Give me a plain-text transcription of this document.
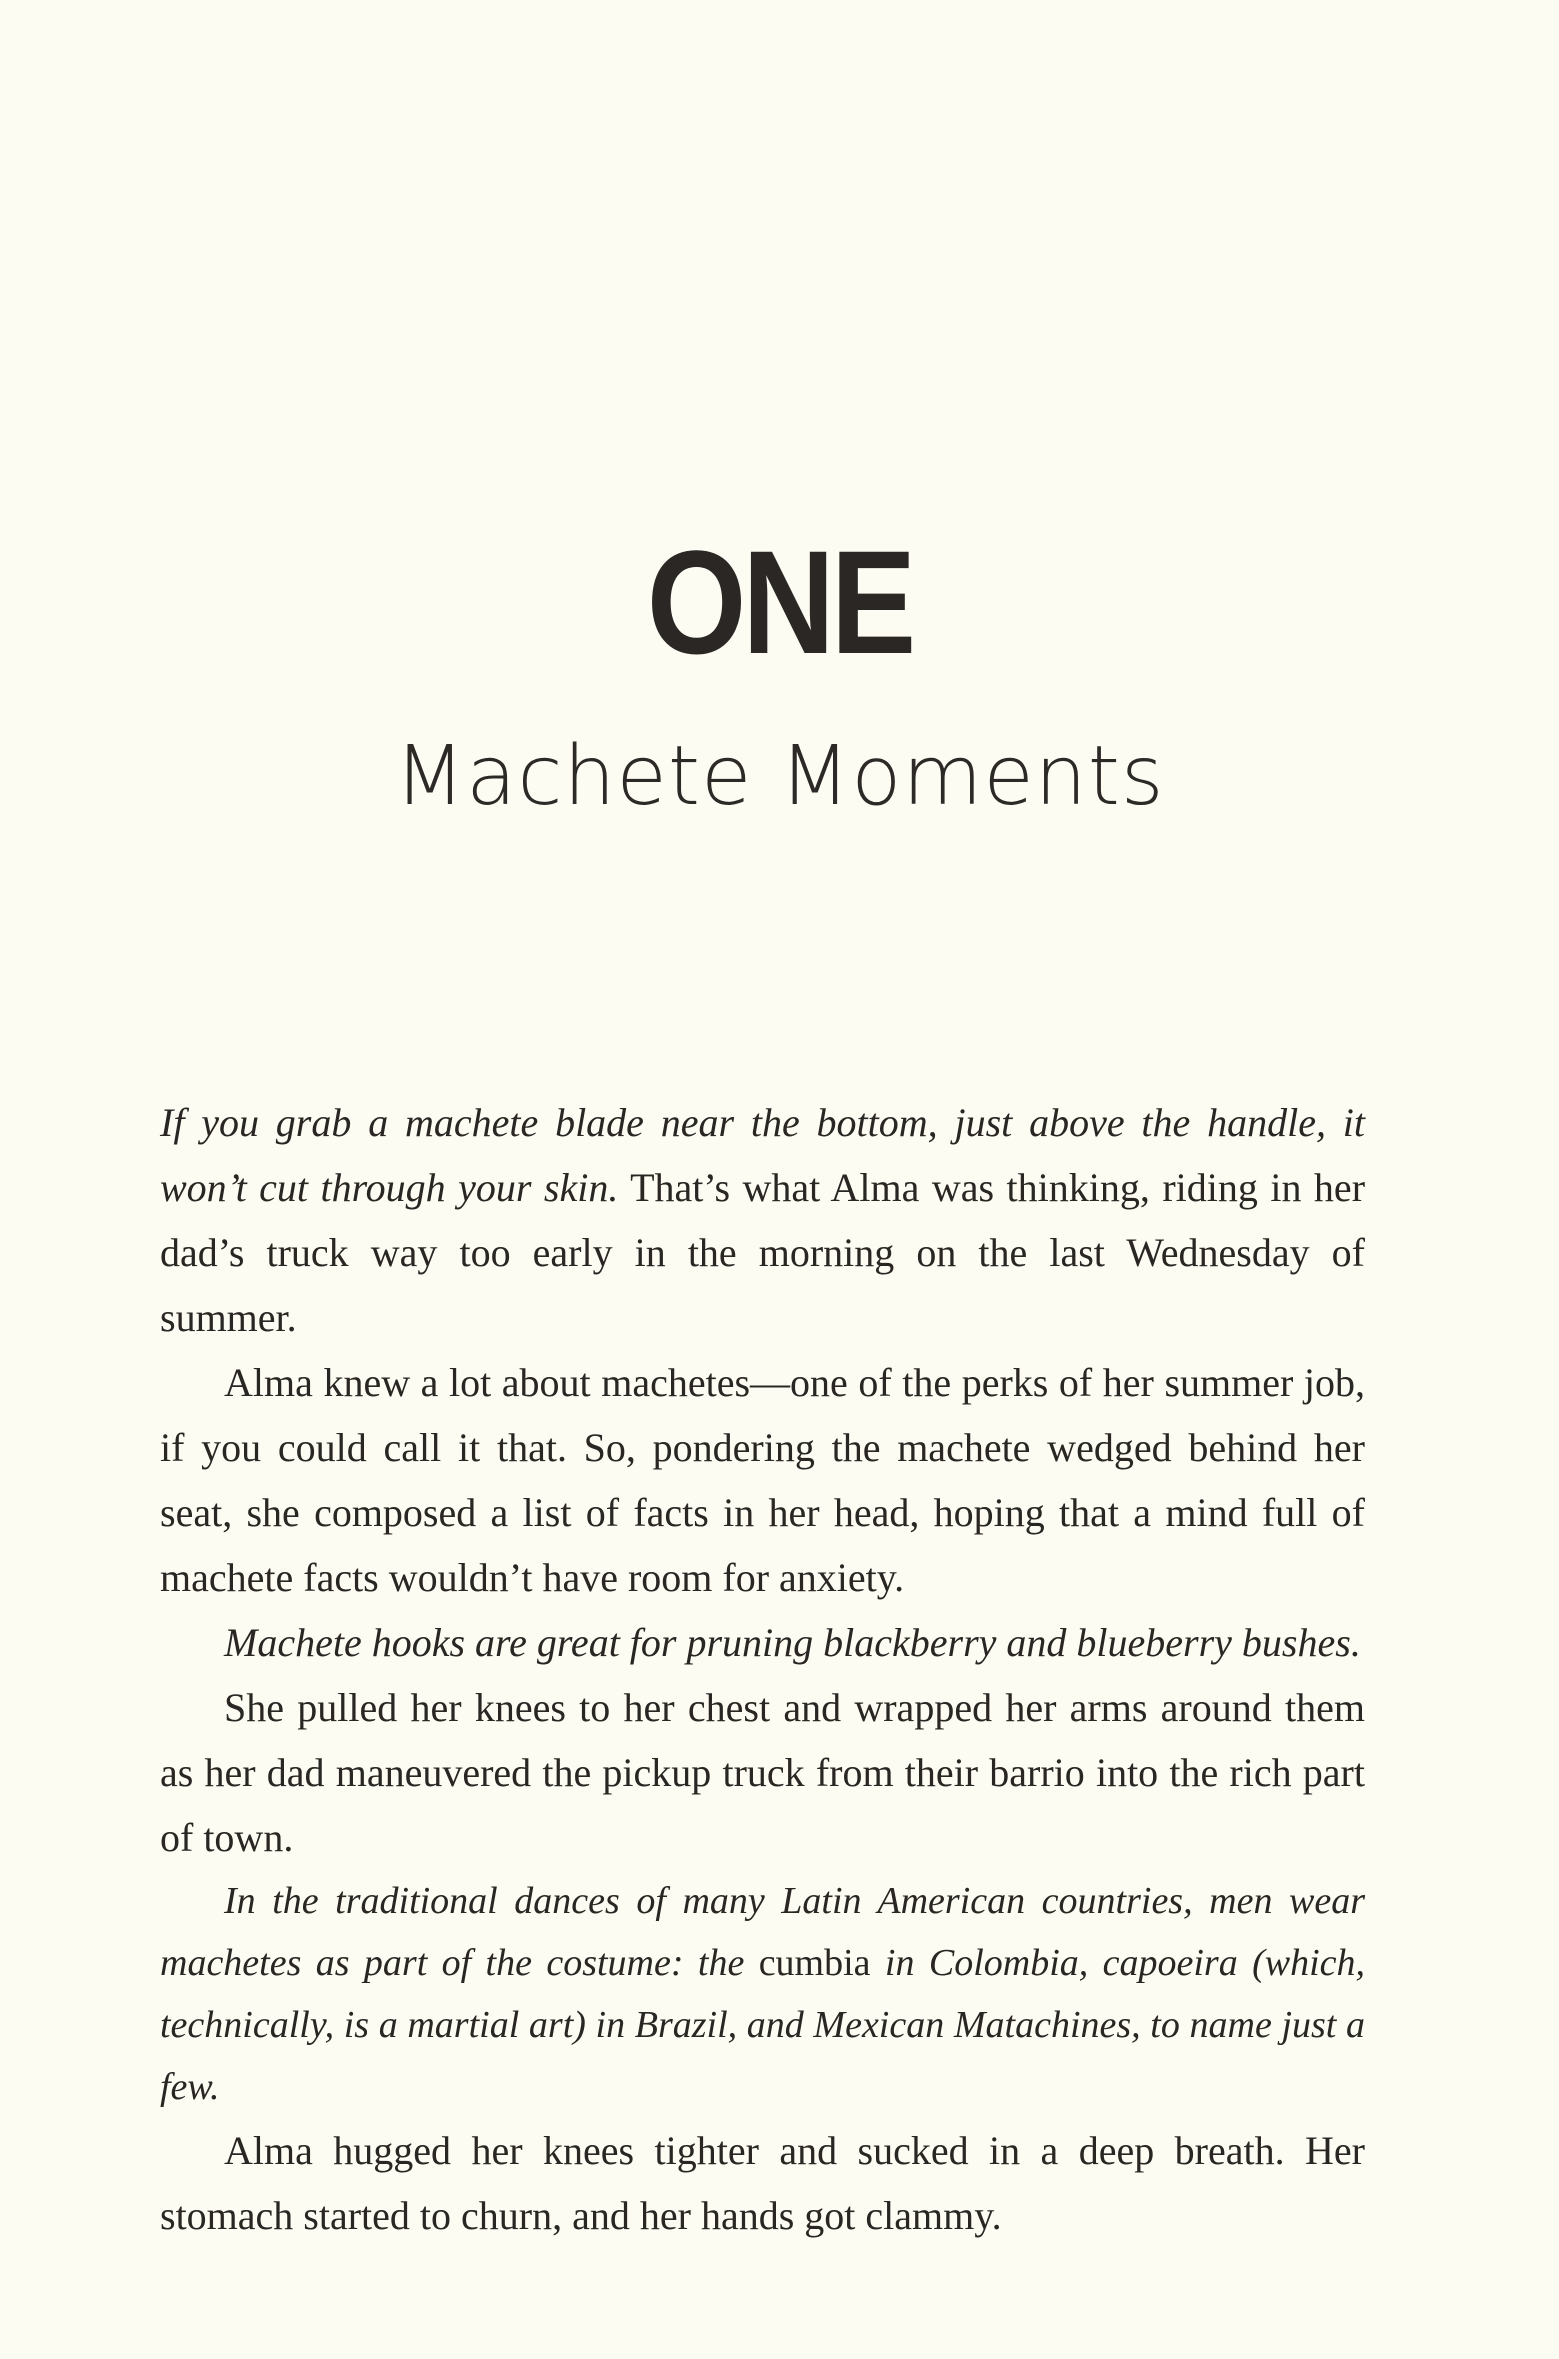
ONE
Machete Moments

If you grab a machete blade near the bottom, just above the handle, it won’t cut through your skin. That’s what Alma was thinking, riding in her dad’s truck way too early in the morning on the last Wednesday of summer.

Alma knew a lot about machetes—one of the perks of her summer job, if you could call it that. So, pondering the machete wedged behind her seat, she composed a list of facts in her head, hoping that a mind full of machete facts wouldn’t have room for anxiety.

Machete hooks are great for pruning blackberry and blueberry bushes.

She pulled her knees to her chest and wrapped her arms around them as her dad maneuvered the pickup truck from their barrio into the rich part of town.

In the traditional dances of many Latin American countries, men wear machetes as part of the costume: the cumbia in Colombia, capoeira (which, technically, is a martial art) in Brazil, and Mexican Matachines, to name just a few.

Alma hugged her knees tighter and sucked in a deep breath. Her stomach started to churn, and her hands got clammy.
